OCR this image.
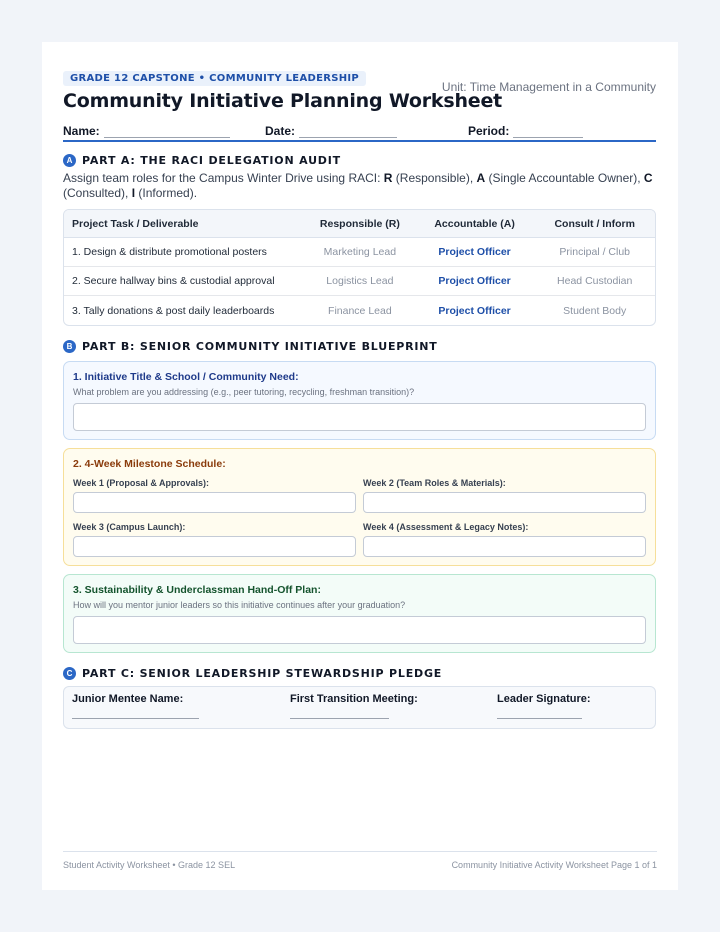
GRADE 12 CAPSTONE • COMMUNITY LEADERSHIP
Unit: Time Management in a Community
Community Initiative Planning Worksheet
Name:	Date:	Period:
A PART A: THE RACI DELEGATION AUDIT
Assign team roles for the Campus Winter Drive using RACI: R (Responsible), A (Single Accountable Owner), C (Consulted), I (Informed).
Project Task / Deliverable	Responsible (R)	Accountable (A)	Consult / Inform
1. Design & distribute promotional posters	Marketing Lead	Project Officer	Principal / Club
2. Secure hallway bins & custodial approval	Logistics Lead	Project Officer	Head Custodian
3. Tally donations & post daily leaderboards	Finance Lead	Project Officer	Student Body
B PART B: SENIOR COMMUNITY INITIATIVE BLUEPRINT
1. Initiative Title & School / Community Need:
What problem are you addressing (e.g., peer tutoring, recycling, freshman transition)?
2. 4-Week Milestone Schedule:
Week 1 (Proposal & Approvals):	Week 2 (Team Roles & Materials):
Week 3 (Campus Launch):	Week 4 (Assessment & Legacy Notes):
3. Sustainability & Underclassman Hand-Off Plan:
How will you mentor junior leaders so this initiative continues after your graduation?
C PART C: SENIOR LEADERSHIP STEWARDSHIP PLEDGE
Junior Mentee Name:	First Transition Meeting:	Leader Signature:
Student Activity Worksheet • Grade 12 SEL	Community Initiative Activity Worksheet Page 1 of 1
